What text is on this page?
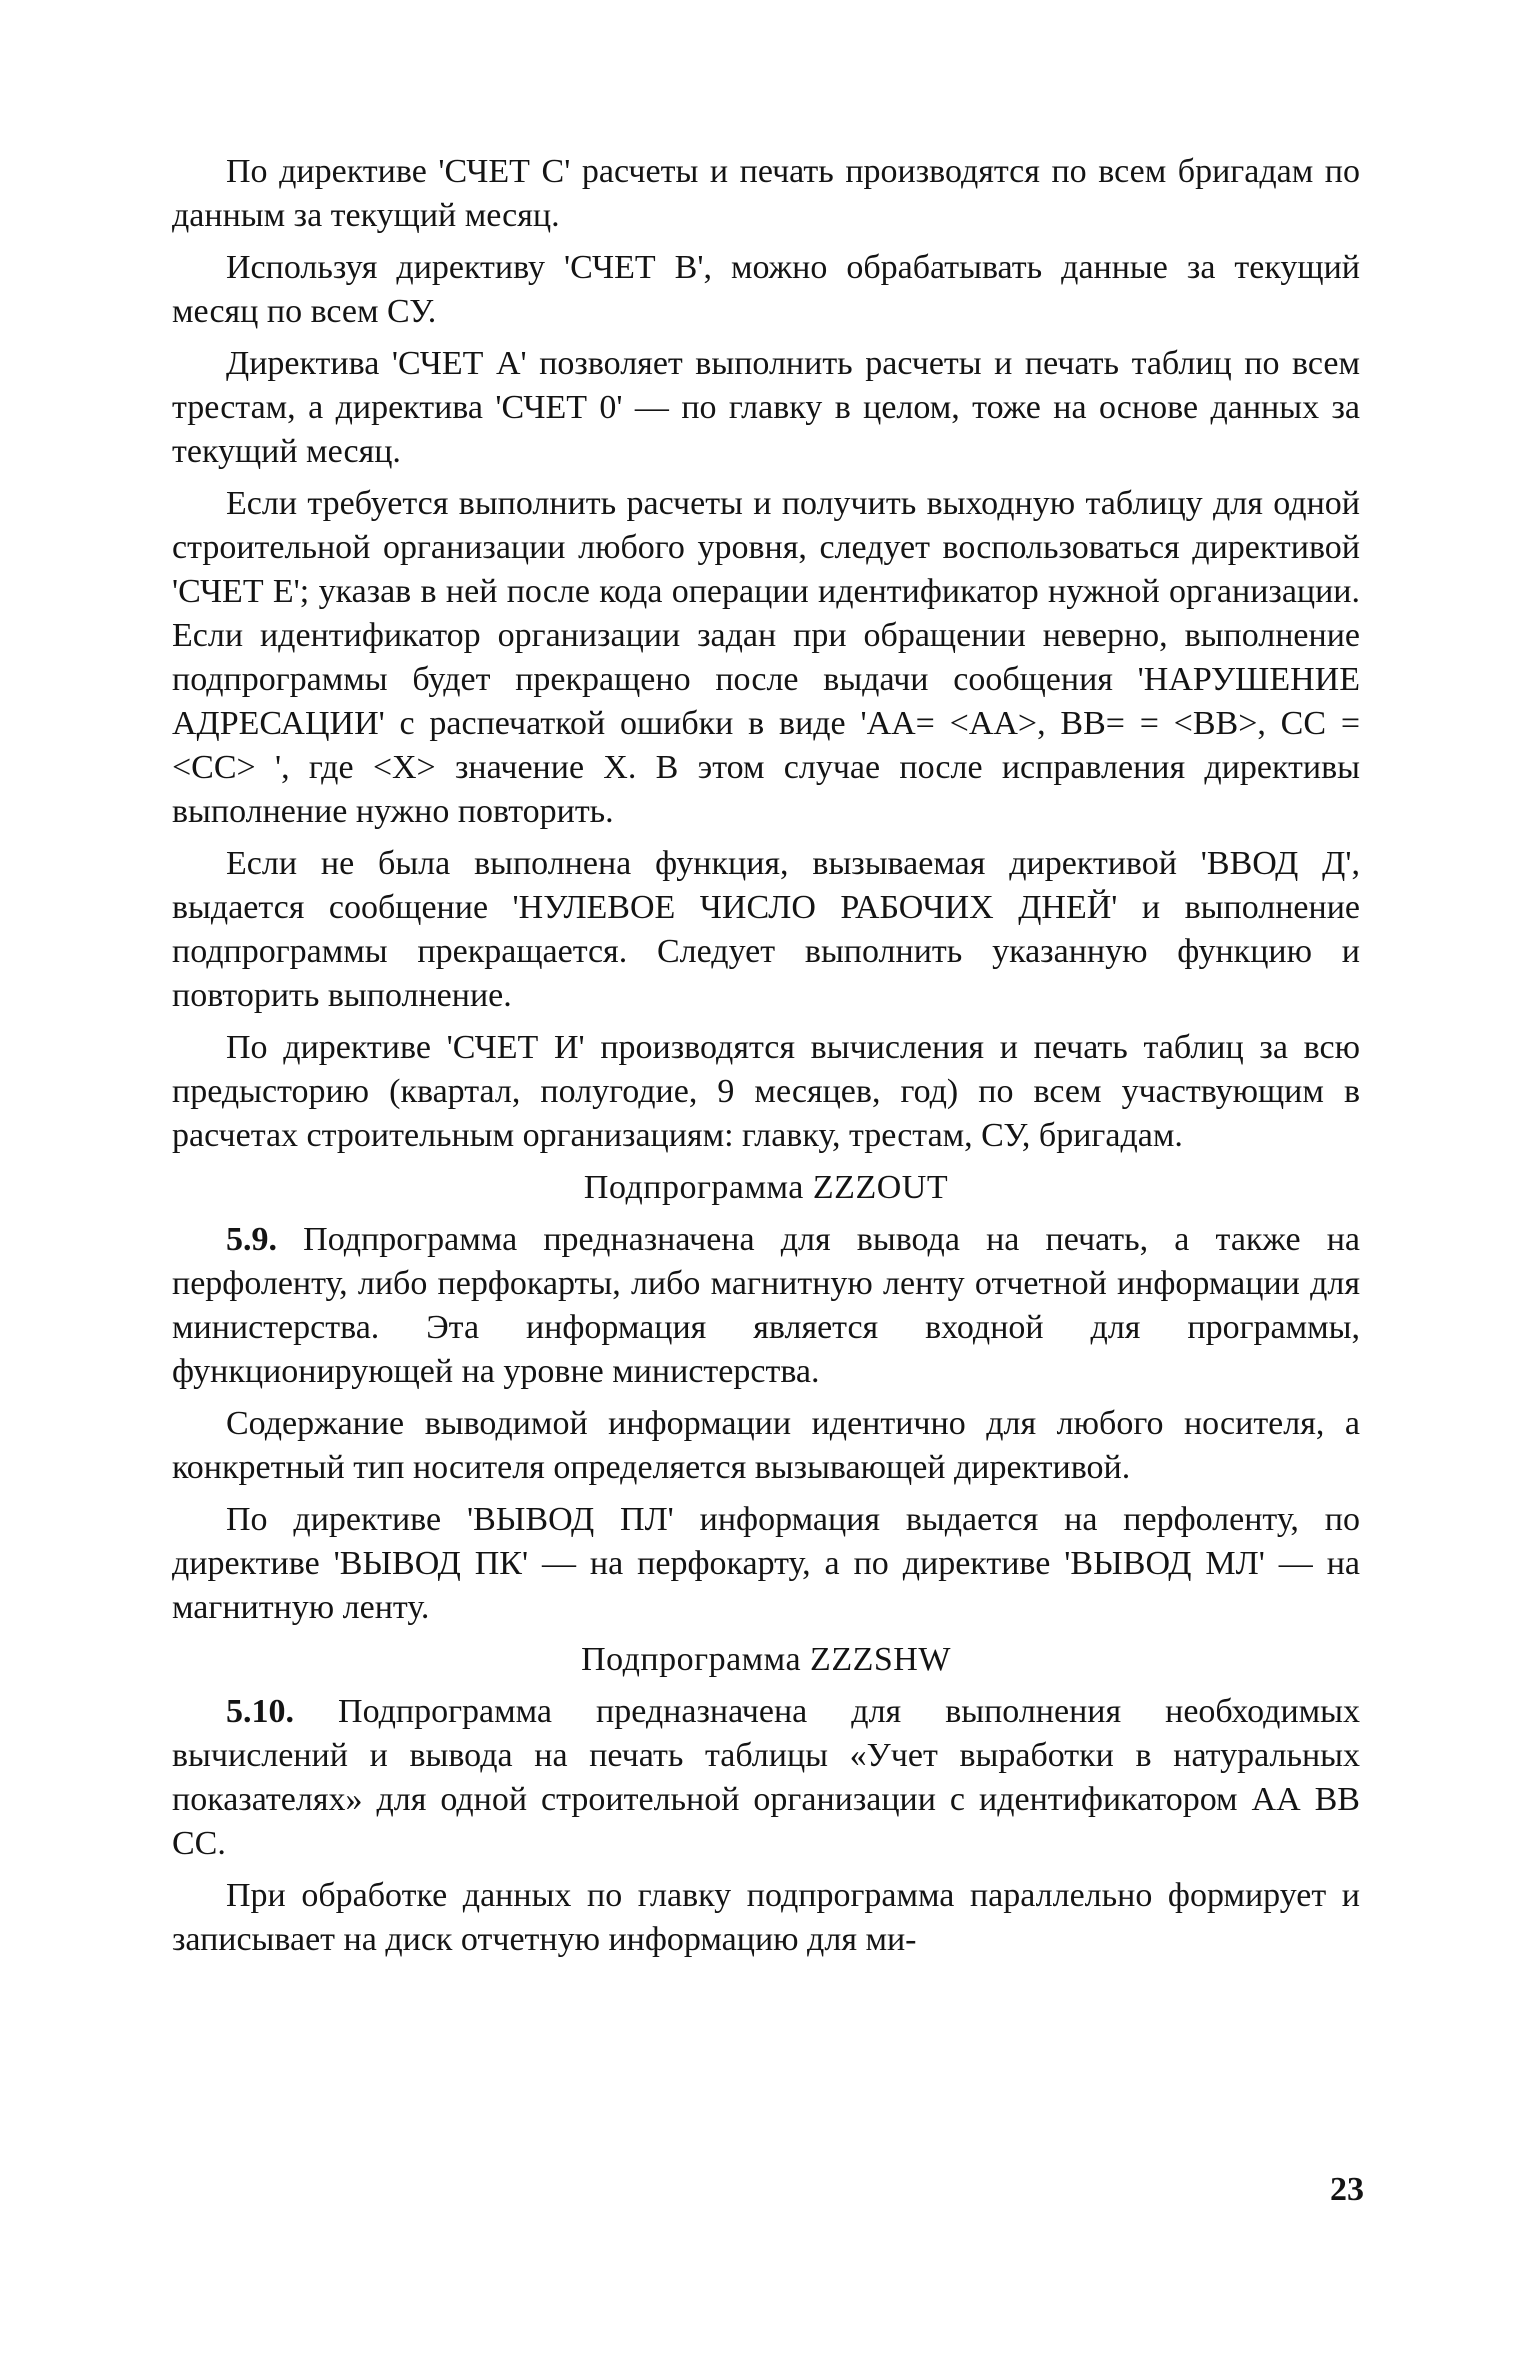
По директиве 'СЧЕТ С' расчеты и печать производятся по всем бригадам по данным за текущий месяц.

Используя директиву 'СЧЕТ В', можно обрабатывать данные за текущий месяц по всем СУ.

Директива 'СЧЕТ А' позволяет выполнить расчеты и печать таблиц по всем трестам, а директива 'СЧЕТ 0' — по главку в целом, тоже на основе данных за текущий месяц.

Если требуется выполнить расчеты и получить выходную таблицу для одной строительной организации любого уровня, следует воспользоваться директивой 'СЧЕТ Е'; указав в ней после кода операции идентификатор нужной организации. Если идентификатор организации задан при обращении неверно, выполнение подпрограммы будет прекращено после выдачи сообщения 'НАРУШЕНИЕ АДРЕСАЦИИ' с распечаткой ошибки в виде 'АА= <АА>, ВВ= = <ВВ>, СС = <СС> ', где <X> значение X. В этом случае после исправления директивы выполнение нужно повторить.

Если не была выполнена функция, вызываемая директивой 'ВВОД Д', выдается сообщение 'НУЛЕВОЕ ЧИСЛО РАБОЧИХ ДНЕЙ' и выполнение подпрограммы прекращается. Следует выполнить указанную функцию и повторить выполнение.

По директиве 'СЧЕТ И' производятся вычисления и печать таблиц за всю предысторию (квартал, полугодие, 9 месяцев, год) по всем участвующим в расчетах строительным организациям: главку, трестам, СУ, бригадам.

Подпрограмма ZZZOUT

5.9. Подпрограмма предназначена для вывода на печать, а также на перфоленту, либо перфокарты, либо магнитную ленту отчетной информации для министерства. Эта информация является входной для программы, функционирующей на уровне министерства.

Содержание выводимой информации идентично для любого носителя, а конкретный тип носителя определяется вызывающей директивой.

По директиве 'ВЫВОД ПЛ' информация выдается на перфоленту, по директиве 'ВЫВОД ПК' — на перфокарту, а по директиве 'ВЫВОД МЛ' — на магнитную ленту.

Подпрограмма ZZZSHW

5.10. Подпрограмма предназначена для выполнения необходимых вычислений и вывода на печать таблицы «Учет выработки в натуральных показателях» для одной строительной организации с идентификатором АА ВВ СС.

При обработке данных по главку подпрограмма параллельно формирует и записывает на диск отчетную информацию для ми-

23
